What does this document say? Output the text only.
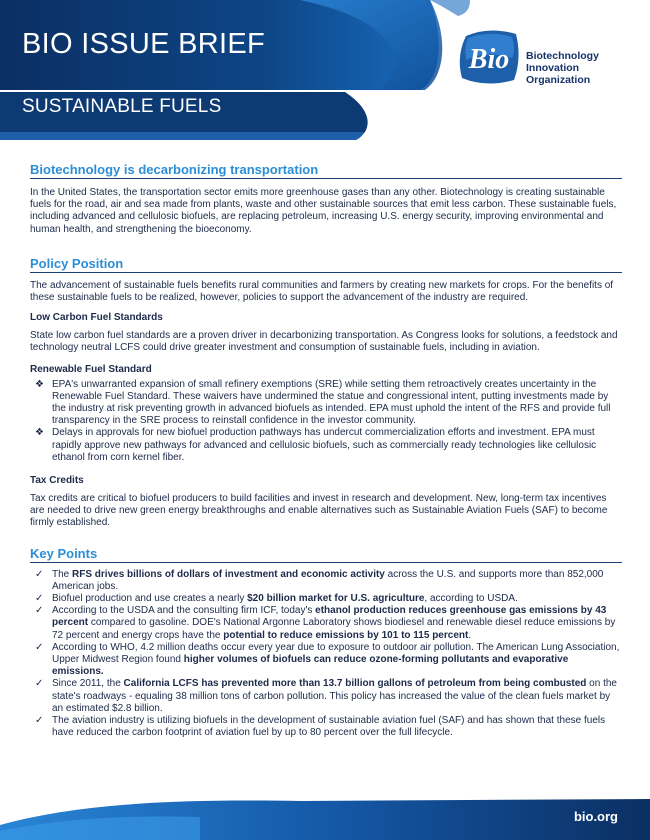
BIO ISSUE BRIEF
SUSTAINABLE FUELS
Bio Biotechnology
Innovation
Organization
Biotechnology is decarbonizing transportation

In the United States, the transportation sector emits more greenhouse gases than any other. Biotechnology is creating sustainable fuels for the road, air and sea made from plants, waste and other sustainable sources that emit less carbon. These sustainable fuels, including advanced and cellulosic biofuels, are replacing petroleum, increasing U.S. energy security, improving environmental and human health, and strengthening the bioeconomy.

Policy Position

The advancement of sustainable fuels benefits rural communities and farmers by creating new markets for crops. For the benefits of these sustainable fuels to be realized, however, policies to support the advancement of the industry are required.

Low Carbon Fuel Standards

State low carbon fuel standards are a proven driver in decarbonizing transportation. As Congress looks for solutions, a feedstock and technology neutral LCFS could drive greater investment and consumption of sustainable fuels, including in aviation.

Renewable Fuel Standard
❖ EPA's unwarranted expansion of small refinery exemptions (SRE) while setting them retroactively creates uncertainty in the Renewable Fuel Standard. These waivers have undermined the statue and congressional intent, putting investments made by the industry at risk preventing growth in advanced biofuels as intended. EPA must uphold the intent of the RFS and provide full transparency in the SRE process to reinstall confidence in the investor community.
❖ Delays in approvals for new biofuel production pathways has undercut commercialization efforts and investment. EPA must rapidly approve new pathways for advanced and cellulosic biofuels, such as commercially ready technologies like cellulosic ethanol from corn kernel fiber.
Tax Credits

Tax credits are critical to biofuel producers to build facilities and invest in research and development. New, long-term tax incentives are needed to drive new green energy breakthroughs and enable alternatives such as Sustainable Aviation Fuels (SAF) to become firmly established.

Key Points
✓ The RFS drives billions of dollars of investment and economic activity across the U.S. and supports more than 852,000 American jobs.
✓ Biofuel production and use creates a nearly $20 billion market for U.S. agriculture, according to USDA.
✓ According to the USDA and the consulting firm ICF, today's ethanol production reduces greenhouse gas emissions by 43 percent compared to gasoline. DOE's National Argonne Laboratory shows biodiesel and renewable diesel reduce emissions by 72 percent and energy crops have the potential to reduce emissions by 101 to 115 percent.
✓ According to WHO, 4.2 million deaths occur every year due to exposure to outdoor air pollution. The American Lung Association, Upper Midwest Region found higher volumes of biofuels can reduce ozone-forming pollutants and evaporative emissions.
✓ Since 2011, the California LCFS has prevented more than 13.7 billion gallons of petroleum from being combusted on the state's roadways - equaling 38 million tons of carbon pollution. This policy has increased the value of the clean fuels market by an estimated $2.8 billion.
✓ The aviation industry is utilizing biofuels in the development of sustainable aviation fuel (SAF) and has shown that these fuels have reduced the carbon footprint of aviation fuel by up to 80 percent over the full lifecycle.
bio.org
